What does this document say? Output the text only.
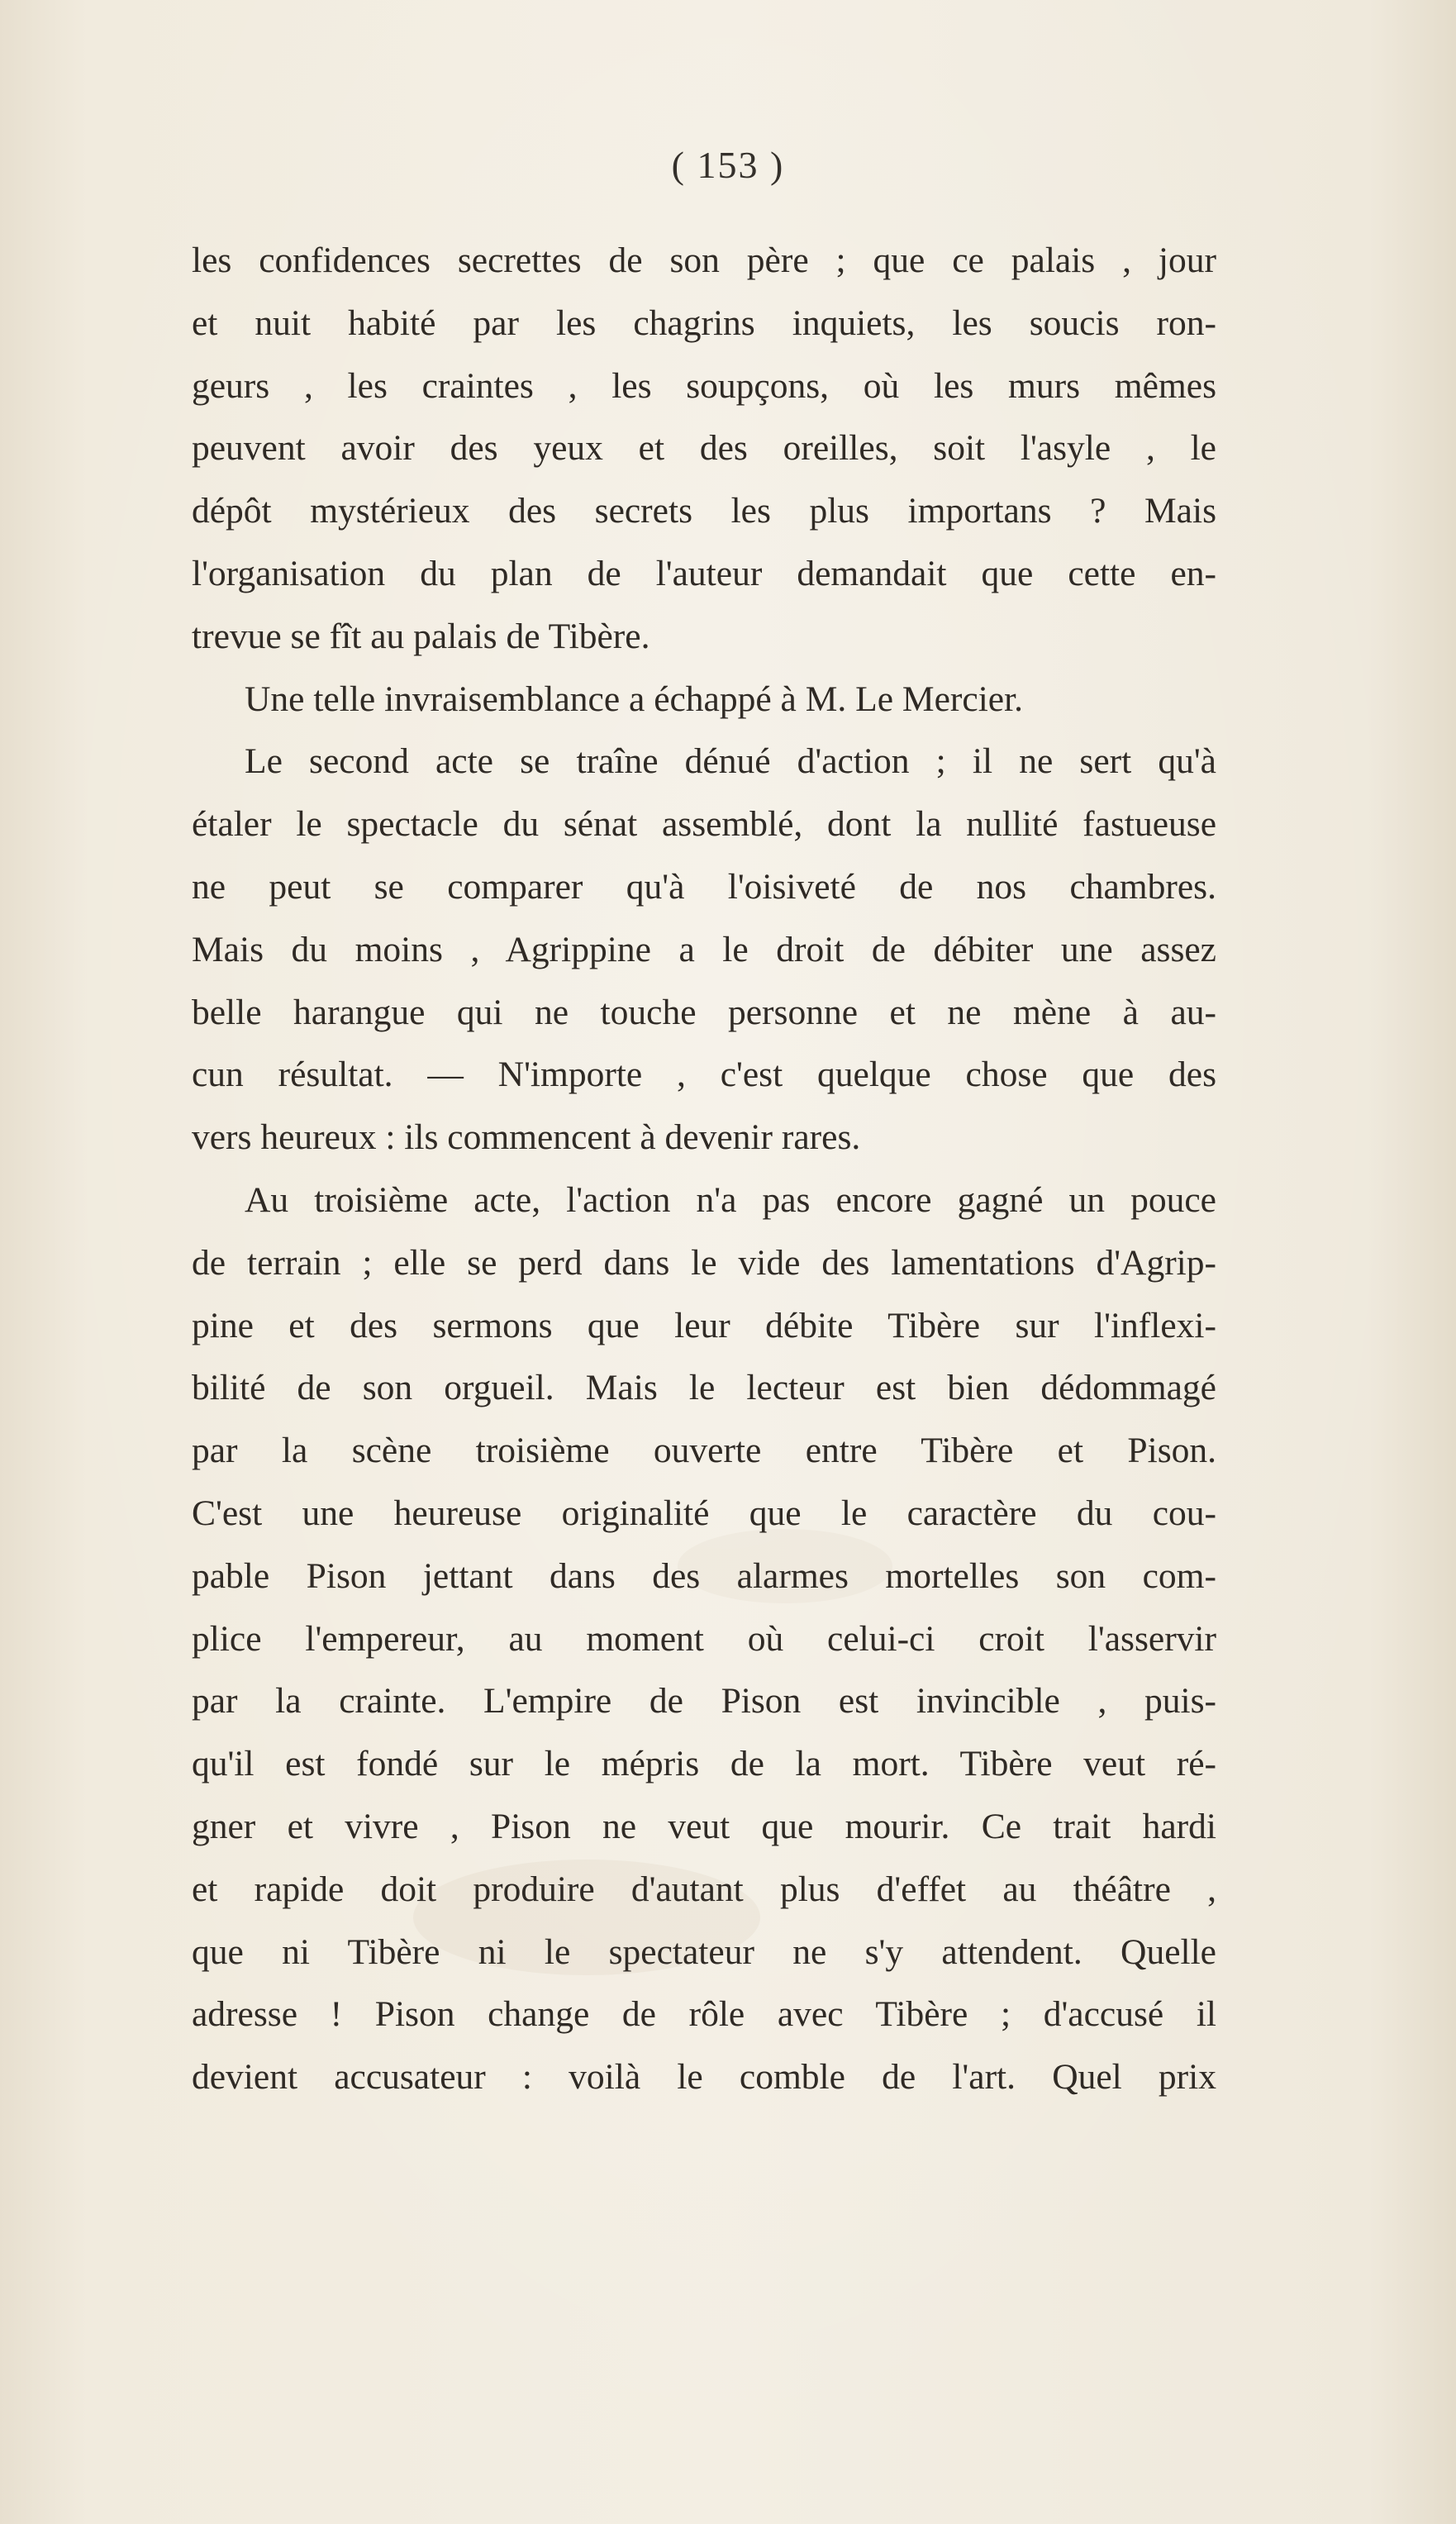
( 153 )
les confidences secrettes de son père ; que ce palais , jour
et nuit habité par les chagrins inquiets, les soucis ron-
geurs , les craintes , les soupçons, où les murs mêmes
peuvent avoir des yeux et des oreilles, soit l'asyle , le
dépôt mystérieux des secrets les plus importans ? Mais
l'organisation du plan de l'auteur demandait que cette en-
trevue se fît au palais de Tibère.
Une telle invraisemblance a échappé à M. Le Mercier.
Le second acte se traîne dénué d'action ; il ne sert qu'à
étaler le spectacle du sénat assemblé, dont la nullité fastueuse
ne peut se comparer qu'à l'oisiveté de nos chambres.
Mais du moins , Agrippine a le droit de débiter une assez
belle harangue qui ne touche personne et ne mène à au-
cun résultat. — N'importe , c'est quelque chose que des
vers heureux : ils commencent à devenir rares.
Au troisième acte, l'action n'a pas encore gagné un pouce
de terrain ; elle se perd dans le vide des lamentations d'Agrip-
pine et des sermons que leur débite Tibère sur l'inflexi-
bilité de son orgueil. Mais le lecteur est bien dédommagé
par la scène troisième ouverte entre Tibère et Pison.
C'est une heureuse originalité que le caractère du cou-
pable Pison jettant dans des alarmes mortelles son com-
plice l'empereur, au moment où celui-ci croit l'asservir
par la crainte. L'empire de Pison est invincible , puis-
qu'il est fondé sur le mépris de la mort. Tibère veut ré-
gner et vivre , Pison ne veut que mourir. Ce trait hardi
et rapide doit produire d'autant plus d'effet au théâtre ,
que ni Tibère ni le spectateur ne s'y attendent. Quelle
adresse ! Pison change de rôle avec Tibère ; d'accusé il
devient accusateur : voilà le comble de l'art. Quel prix
